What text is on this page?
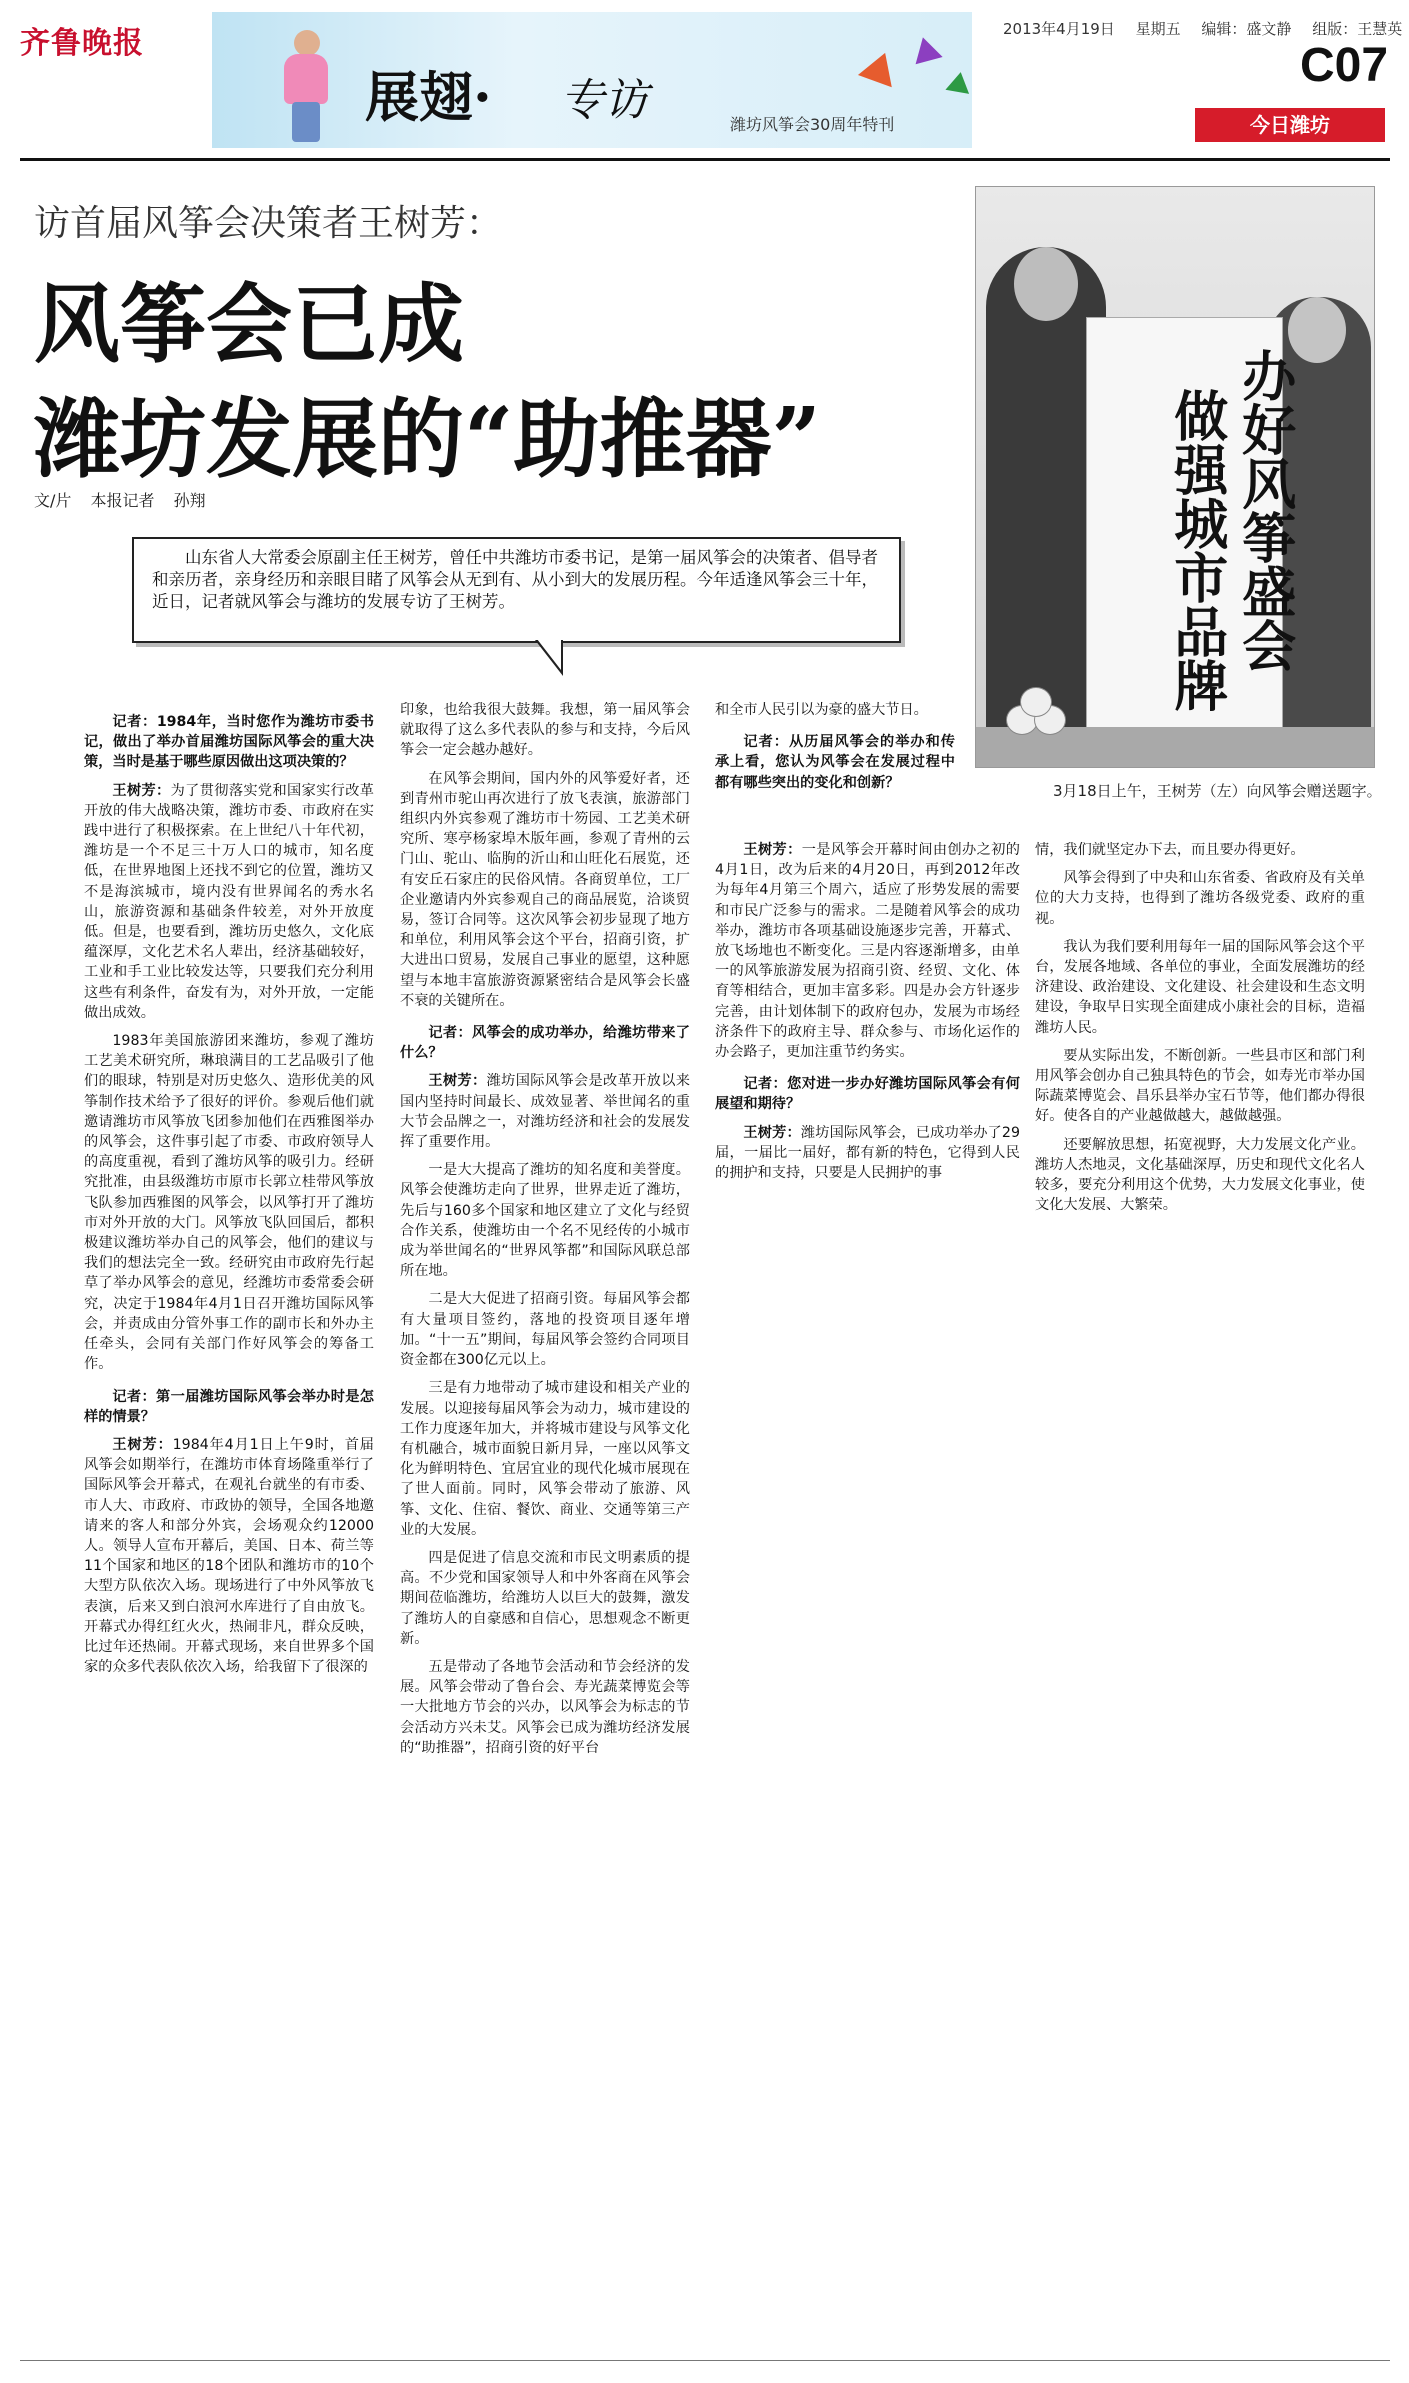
齐鲁晚报
展翅· 专访	潍坊风筝会30周年特刊
2013年4月19日 星期五 编辑：盛文静 组版：王慧英
C07
今日潍坊
访首届风筝会决策者王树芳：
风筝会已成
潍坊发展的“助推器”
文/片 本报记者 孙翔	办好风筝盛会
做强城市品牌
3月18日上午，王树芳（左）向风筝会赠送题字。

山东省人大常委会原副主任王树芳，曾任中共潍坊市委书记，是第一届风筝会的决策者、倡导者和亲历者，亲身经历和亲眼目睹了风筝会从无到有、从小到大的发展历程。今年适逢风筝会三十年，近日，记者就风筝会与潍坊的发展专访了王树芳。

记者：1984年，当时您作为潍坊市委书记，做出了举办首届潍坊国际风筝会的重大决策，当时是基于哪些原因做出这项决策的？

王树芳：为了贯彻落实党和国家实行改革开放的伟大战略决策，潍坊市委、市政府在实践中进行了积极探索。在上世纪八十年代初，潍坊是一个不足三十万人口的城市，知名度低，在世界地图上还找不到它的位置，潍坊又不是海滨城市，境内没有世界闻名的秀水名山，旅游资源和基础条件较差，对外开放度低。但是，也要看到，潍坊历史悠久，文化底蕴深厚，文化艺术名人辈出，经济基础较好，工业和手工业比较发达等，只要我们充分利用这些有利条件，奋发有为，对外开放，一定能做出成效。

1983年美国旅游团来潍坊，参观了潍坊工艺美术研究所，琳琅满目的工艺品吸引了他们的眼球，特别是对历史悠久、造形优美的风筝制作技术给予了很好的评价。参观后他们就邀请潍坊市风筝放飞团参加他们在西雅图举办的风筝会，这件事引起了市委、市政府领导人的高度重视，看到了潍坊风筝的吸引力。经研究批准，由县级潍坊市原市长郭立桂带风筝放飞队参加西雅图的风筝会，以风筝打开了潍坊市对外开放的大门。风筝放飞队回国后，都积极建议潍坊举办自己的风筝会，他们的建议与我们的想法完全一致。经研究由市政府先行起草了举办风筝会的意见，经潍坊市委常委会研究，决定于1984年4月1日召开潍坊国际风筝会，并责成由分管外事工作的副市长和外办主任牵头，会同有关部门作好风筝会的筹备工作。

记者：第一届潍坊国际风筝会举办时是怎样的情景？

王树芳：1984年4月1日上午9时，首届风筝会如期举行，在潍坊市体育场隆重举行了国际风筝会开幕式，在观礼台就坐的有市委、市人大、市政府、市政协的领导，全国各地邀请来的客人和部分外宾，会场观众约12000人。领导人宣布开幕后，美国、日本、荷兰等11个国家和地区的18个团队和潍坊市的10个大型方队依次入场。现场进行了中外风筝放飞表演，后来又到白浪河水库进行了自由放飞。开幕式办得红红火火，热闹非凡，群众反映，比过年还热闹。开幕式现场，来自世界多个国家的众多代表队依次入场，给我留下了很深的

印象，也给我很大鼓舞。我想，第一届风筝会就取得了这么多代表队的参与和支持，今后风筝会一定会越办越好。

在风筝会期间，国内外的风筝爱好者，还到青州市驼山再次进行了放飞表演，旅游部门组织内外宾参观了潍坊市十笏园、工艺美术研究所、寒亭杨家埠木版年画，参观了青州的云门山、驼山、临朐的沂山和山旺化石展览，还有安丘石家庄的民俗风情。各商贸单位，工厂企业邀请内外宾参观自己的商品展览，洽谈贸易，签订合同等。这次风筝会初步显现了地方和单位，利用风筝会这个平台，招商引资，扩大进出口贸易，发展自己事业的愿望，这种愿望与本地丰富旅游资源紧密结合是风筝会长盛不衰的关键所在。

记者：风筝会的成功举办，给潍坊带来了什么？

王树芳：潍坊国际风筝会是改革开放以来国内坚持时间最长、成效显著、举世闻名的重大节会品牌之一，对潍坊经济和社会的发展发挥了重要作用。

一是大大提高了潍坊的知名度和美誉度。风筝会使潍坊走向了世界，世界走近了潍坊，先后与160多个国家和地区建立了文化与经贸合作关系，使潍坊由一个名不见经传的小城市成为举世闻名的“世界风筝都”和国际风联总部所在地。

二是大大促进了招商引资。每届风筝会都有大量项目签约，落地的投资项目逐年增加。“十一五”期间，每届风筝会签约合同项目资金都在300亿元以上。

三是有力地带动了城市建设和相关产业的发展。以迎接每届风筝会为动力，城市建设的工作力度逐年加大，并将城市建设与风筝文化有机融合，城市面貌日新月异，一座以风筝文化为鲜明特色、宜居宜业的现代化城市展现在了世人面前。同时，风筝会带动了旅游、风筝、文化、住宿、餐饮、商业、交通等第三产业的大发展。

四是促进了信息交流和市民文明素质的提高。不少党和国家领导人和中外客商在风筝会期间莅临潍坊，给潍坊人以巨大的鼓舞，激发了潍坊人的自豪感和自信心，思想观念不断更新。

五是带动了各地节会活动和节会经济的发展。风筝会带动了鲁台会、寿光蔬菜博览会等一大批地方节会的兴办，以风筝会为标志的节会活动方兴未艾。风筝会已成为潍坊经济发展的“助推器”，招商引资的好平台

和全市人民引以为豪的盛大节日。

记者：从历届风筝会的举办和传承上看，您认为风筝会在发展过程中都有哪些突出的变化和创新？

王树芳：一是风筝会开幕时间由创办之初的4月1日，改为后来的4月20日，再到2012年改为每年4月第三个周六，适应了形势发展的需要和市民广泛参与的需求。二是随着风筝会的成功举办，潍坊市各项基础设施逐步完善，开幕式、放飞场地也不断变化。三是内容逐渐增多，由单一的风筝旅游发展为招商引资、经贸、文化、体育等相结合，更加丰富多彩。四是办会方针逐步完善，由计划体制下的政府包办，发展为市场经济条件下的政府主导、群众参与、市场化运作的办会路子，更加注重节约务实。

记者：您对进一步办好潍坊国际风筝会有何展望和期待？

王树芳：潍坊国际风筝会，已成功举办了29届，一届比一届好，都有新的特色，它得到人民的拥护和支持，只要是人民拥护的事

情，我们就坚定办下去，而且要办得更好。

风筝会得到了中央和山东省委、省政府及有关单位的大力支持，也得到了潍坊各级党委、政府的重视。

我认为我们要利用每年一届的国际风筝会这个平台，发展各地域、各单位的事业，全面发展潍坊的经济建设、政治建设、文化建设、社会建设和生态文明建设，争取早日实现全面建成小康社会的目标，造福潍坊人民。

要从实际出发，不断创新。一些县市区和部门利用风筝会创办自己独具特色的节会，如寿光市举办国际蔬菜博览会、昌乐县举办宝石节等，他们都办得很好。使各自的产业越做越大，越做越强。

还要解放思想，拓宽视野，大力发展文化产业。潍坊人杰地灵，文化基础深厚，历史和现代文化名人较多，要充分利用这个优势，大力发展文化事业，使文化大发展、大繁荣。
